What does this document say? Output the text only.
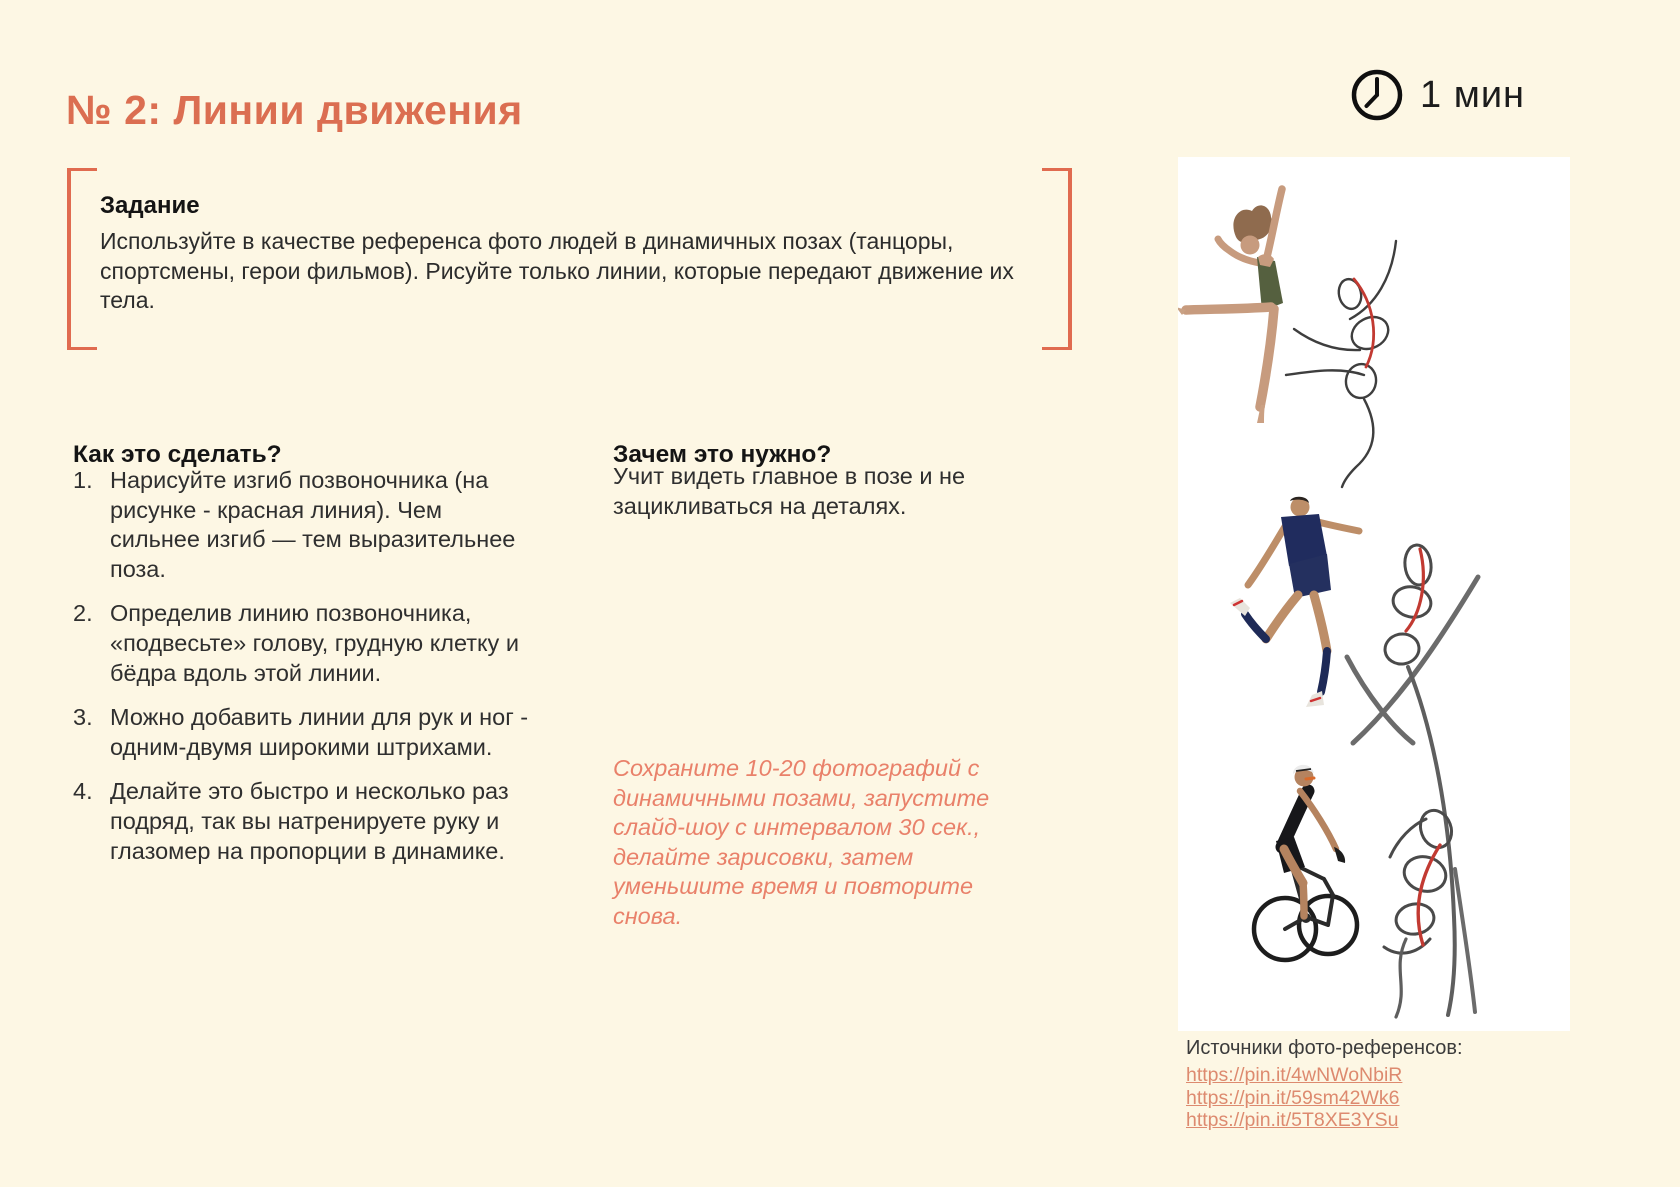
№ 2: Линии движения	1 мин
Задание

Используйте в качестве референса фото людей в динамичных позах (танцоры, спортсмены, герои фильмов). Рисуйте только линии, которые передают движение их тела.

Как это сделать?
1. Нарисуйте изгиб позвоночника (на рисунке - красная линия). Чем сильнее изгиб — тем выразительнее поза.
2. Определив линию позвоночника, «подвесьте» голову, грудную клетку и бёдра вдоль этой линии.
3. Можно добавить линии для рук и ног - одним-двумя широкими штрихами.
4. Делайте это быстро и несколько раз подряд, так вы натренируете руку и глазомер на пропорции в динамике.
Зачем это нужно?

Учит видеть главное в позе и не зацикливаться на деталях.

Сохраните 10-20 фотографий с динамичными позами, запустите слайд-шоу с интервалом 30 сек., делайте зарисовки, затем уменьшите время и повторите снова.

Источники фото-референсов:

https://pin.it/4wNWoNbiR
https://pin.it/59sm42Wk6
https://pin.it/5T8XE3YSu
